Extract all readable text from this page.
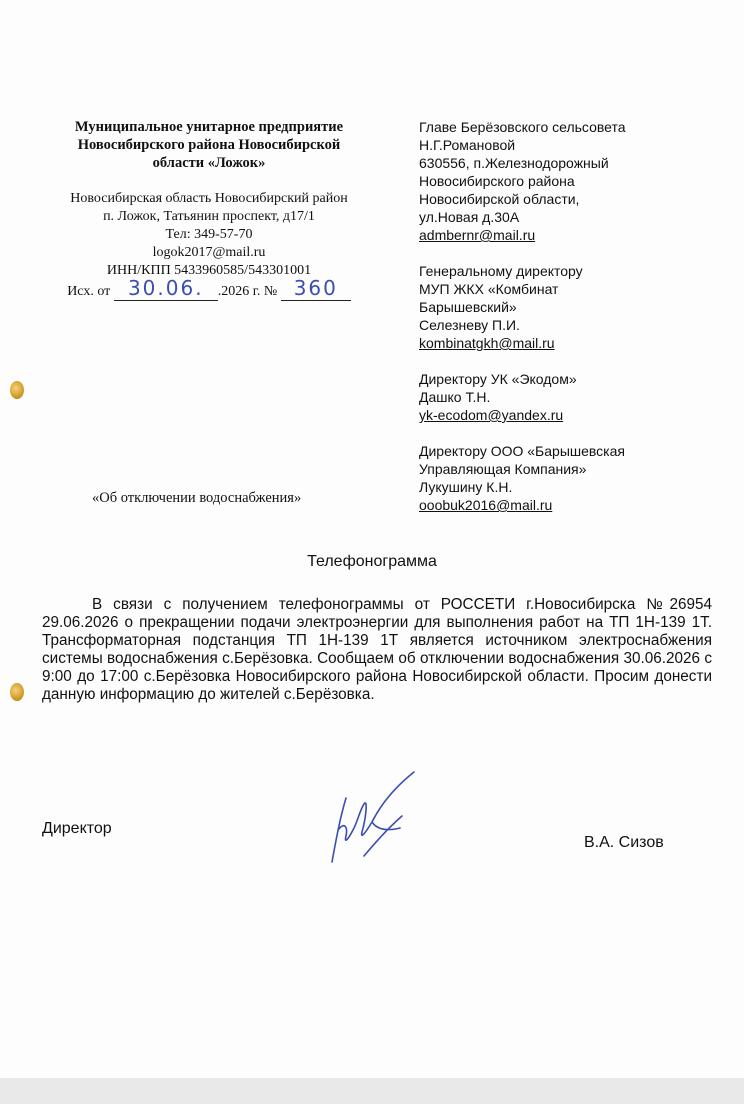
Муниципальное унитарное предприятие
Новосибирского района Новосибирской
области «Ложок»
Новосибирская область Новосибирский район
п. Ложок, Татьянин проспект, д17/1
Тел: 349-57-70
logok2017@mail.ru
ИНН/КПП 5433960585/543301001
Исх. от 30.06. .2026 г. № 360
Главе Берёзовского сельсовета
Н.Г.Романовой
630556, п.Железнодорожный
Новосибирского района
Новосибирской области,
ул.Новая д.30А
admbernr@mail.ru
Генеральному директору
МУП ЖКХ «Комбинат
Барышевский»
Селезневу П.И.
kombinatgkh@mail.ru
Директору УК «Экодом»
Дашко Т.Н.
yk-ecodom@yandex.ru
Директору ООО «Барышевская
Управляющая Компания»
Лукушину К.Н.
ooobuk2016@mail.ru
«Об отключении водоснабжения»
Телефонограмма
В связи с получением телефонограммы от РОССЕТИ г.Новосибирска №26954 29.06.2026 о прекращении подачи электроэнергии для выполнения работ на ТП 1Н-139 1Т. Трансформаторная подстанция ТП 1Н-139 1Т является источником электроснабжения системы водоснабжения с.Берёзовка. Сообщаем об отключении водоснабжения 30.06.2026 с 9:00 до 17:00 с.Берёзовка Новосибирского района Новосибирской области. Просим донести данную информацию до жителей с.Берёзовка.
Директор
В.А. Сизов
